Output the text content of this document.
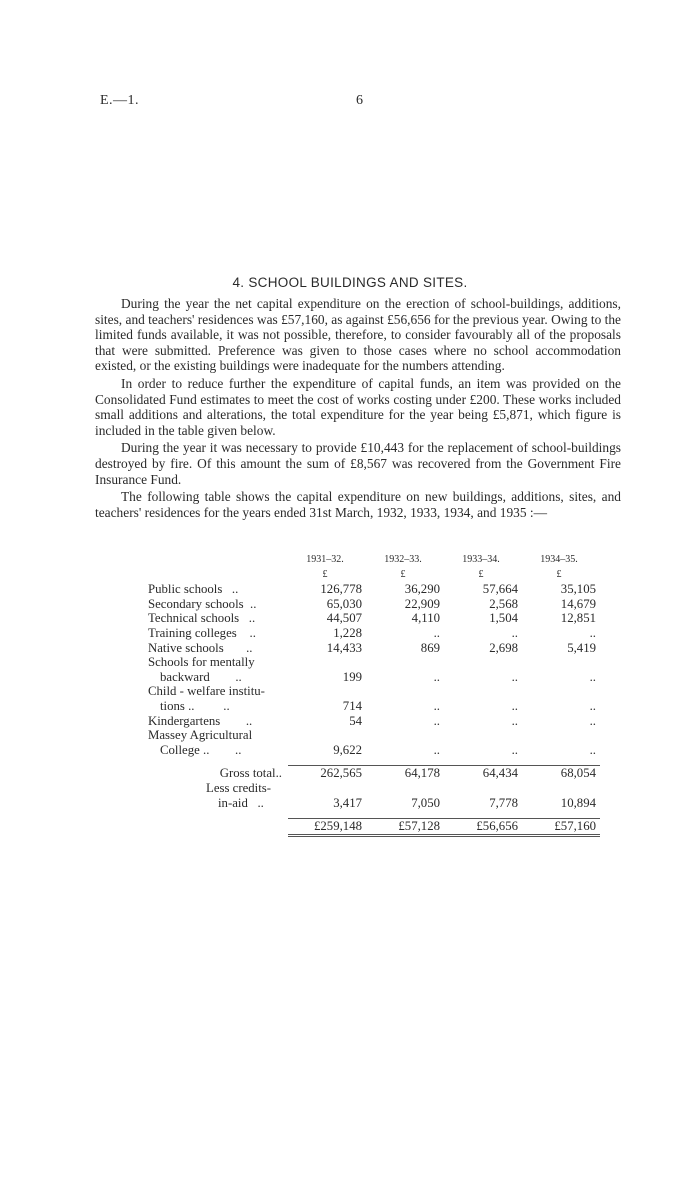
E.—1.	6
4. SCHOOL BUILDINGS AND SITES.

During the year the net capital expenditure on the erection of school-buildings, additions, sites, and teachers' residences was £57,160, as against £56,656 for the previous year. Owing to the limited funds available, it was not possible, therefore, to consider favourably all of the proposals that were submitted. Preference was given to those cases where no school accommodation existed, or the existing buildings were inadequate for the numbers attending.

In order to reduce further the expenditure of capital funds, an item was provided on the Consolidated Fund estimates to meet the cost of works costing under £200. These works included small additions and alterations, the total expenditure for the year being £5,871, which figure is included in the table given below.

During the year it was necessary to provide £10,443 for the replacement of school-buildings destroyed by fire. Of this amount the sum of £8,567 was recovered from the Government Fire Insurance Fund.

The following table shows the capital expenditure on new buildings, additions, sites, and teachers' residences for the years ended 31st March, 1932, 1933, 1934, and 1935 :—

	1931–32.	1932–33.	1933–34.	1934–35.
	£	£	£	£
Public schools ..	126,778	36,290	57,664	35,105
Secondary schools ..	65,030	22,909	2,568	14,679
Technical schools ..	44,507	4,110	1,504	12,851
Training colleges ..	1,228	..	..	..
Native schools ..	14,433	869	2,698	5,419
Schools for mentally				
backward ..	199	..	..	..
Child - welfare institu-				
tions .. ..	714	..	..	..
Kindergartens ..	54	..	..	..
Massey Agricultural				
College .. ..	9,622	..	..	..

Gross total..	262,565	64,178	64,434	68,054
Less credits-				
in-aid ..	3,417	7,050	7,778	10,894

	£259,148	£57,128	£56,656	£57,160
